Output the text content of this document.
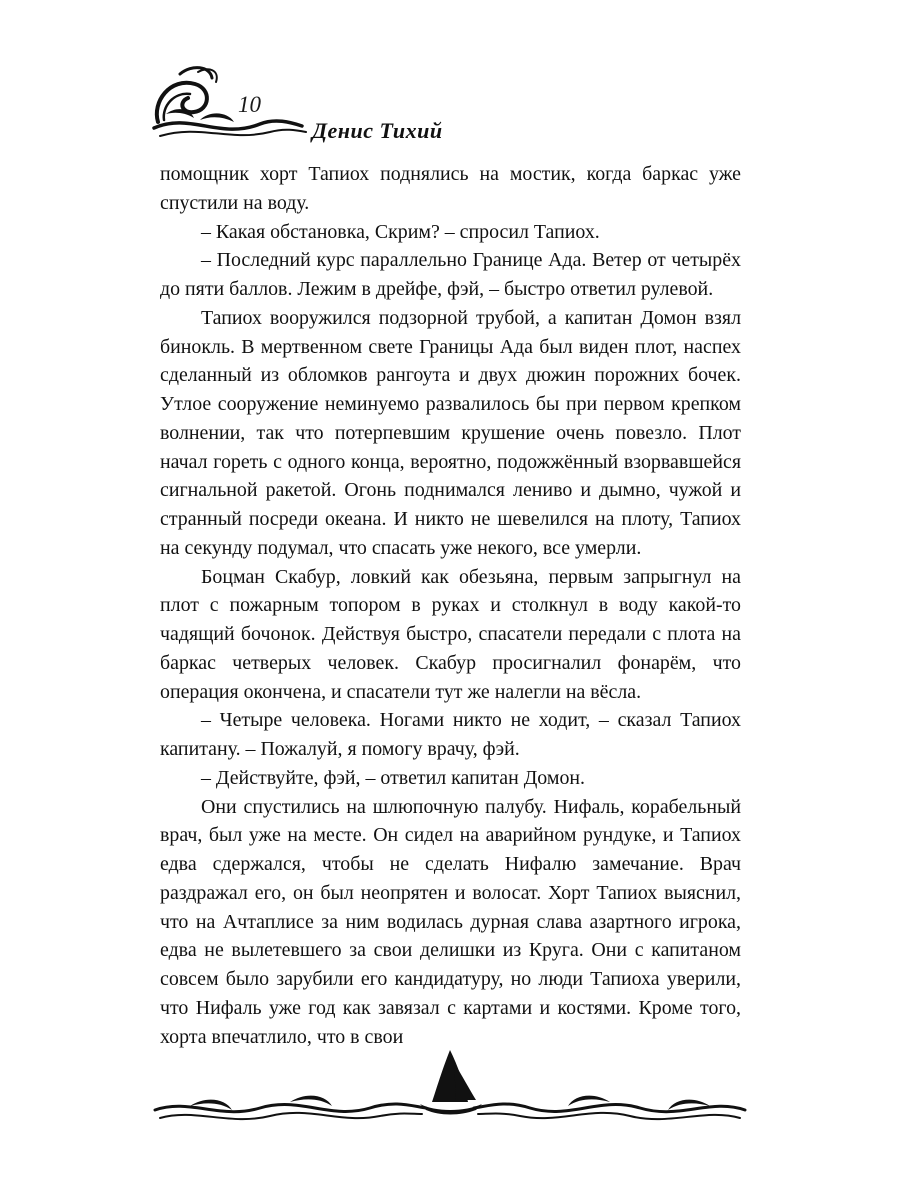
10
Денис Тихий

помощник хорт Тапиох поднялись на мостик, когда баркас уже спустили на воду.

– Какая обстановка, Скрим? – спросил Тапиох.

– Последний курс параллельно Границе Ада. Ветер от четырёх до пяти баллов. Лежим в дрейфе, фэй, – быстро ответил рулевой.

Тапиох вооружился подзорной трубой, а капитан Домон взял бинокль. В мертвенном свете Границы Ада был виден плот, наспех сделанный из обломков рангоута и двух дюжин порожних бочек. Утлое сооружение неминуемо развалилось бы при первом крепком волнении, так что потерпевшим крушение очень повезло. Плот начал гореть с одного конца, вероятно, подожжённый взорвавшейся сигнальной ракетой. Огонь поднимался лениво и дымно, чужой и странный посреди океана. И никто не шевелился на плоту, Тапиох на секунду подумал, что спасать уже некого, все умерли.

Боцман Скабур, ловкий как обезьяна, первым запрыгнул на плот с пожарным топором в руках и столкнул в воду какой-то чадящий бочонок. Действуя быстро, спасатели передали с плота на баркас четверых человек. Скабур просигналил фонарём, что операция окончена, и спасатели тут же налегли на вёсла.

– Четыре человека. Ногами никто не ходит, – сказал Тапиох капитану. – Пожалуй, я помогу врачу, фэй.

– Действуйте, фэй, – ответил капитан Домон.

Они спустились на шлюпочную палубу. Нифаль, корабельный врач, был уже на месте. Он сидел на аварийном рундуке, и Тапиох едва сдержался, чтобы не сделать Нифалю замечание. Врач раздражал его, он был неопрятен и волосат. Хорт Тапиох выяснил, что на Ачтаплисе за ним водилась дурная слава азартного игрока, едва не вылетевшего за свои делишки из Круга. Они с капитаном совсем было зарубили его кандидатуру, но люди Тапиоха уверили, что Нифаль уже год как завязал с картами и костями. Кроме того, хорта впечатлило, что в свои
